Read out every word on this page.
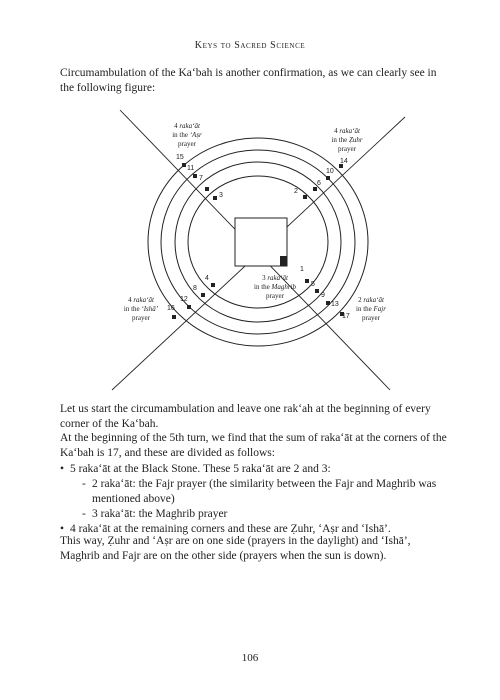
Keys to Sacred Science

Circumambulation of the Ka‘bah is another confirmation, as we can clearly see in the following figure:

1
2
3
4
5
6
7
8
9
10
11
12
13
14
15
16
17
4 raka‘āt
in the ‘Aṣr
prayer
4 raka‘āt
in the Ẓuhr
prayer
4 raka‘āt
in the ‘Ishā’
prayer
2 raka‘āt
in the Fajr
prayer
3 raka‘āt
in the Maghrib
prayer

Let us start the circumambulation and leave one rak‘ah at the beginning of every corner of the Ka‘bah.

At the beginning of the 5th turn, we find that the sum of raka‘āt at the corners of the Ka‘bah is 17, and these are divided as follows:

• 5 raka‘āt at the Black Stone. These 5 raka‘āt are 2 and 3:
- 2 raka‘āt: the Fajr prayer (the similarity between the Fajr and Maghrib was mentioned above)
- 3 raka‘āt: the Maghrib prayer
• 4 raka‘āt at the remaining corners and these are Ẓuhr, ‘Aṣr and ‘Ishā’.

This way, Ẓuhr and ‘Aṣr are on one side (prayers in the daylight) and ‘Ishā’, Maghrib and Fajr are on the other side (prayers when the sun is down).

106
